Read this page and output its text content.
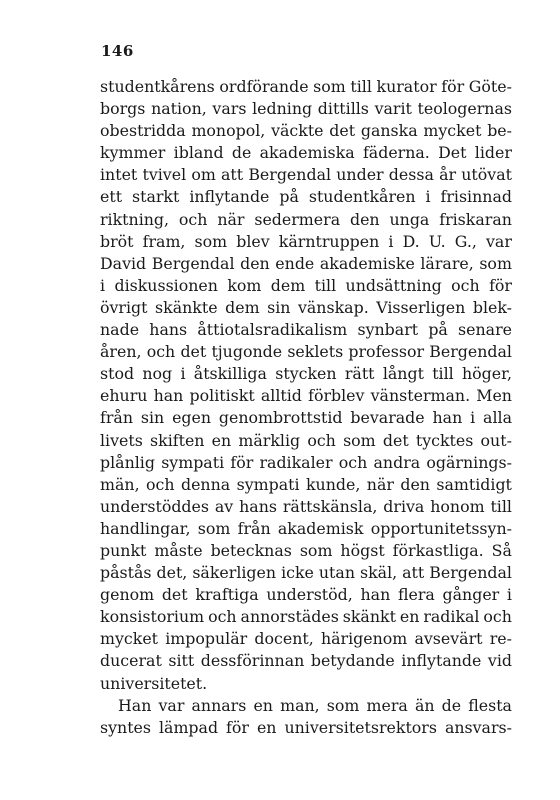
146
studentkårens ordförande som till kurator för Göte-
borgs nation, vars ledning dittills varit teologernas
obestridda monopol, väckte det ganska mycket be-
kymmer ibland de akademiska fäderna. Det lider
intet tvivel om att Bergendal under dessa år utövat
ett starkt inflytande på studentkåren i frisinnad
riktning, och när sedermera den unga friskaran
bröt fram, som blev kärntruppen i D. U. G., var
David Bergendal den ende akademiske lärare, som
i diskussionen kom dem till undsättning och för
övrigt skänkte dem sin vänskap. Visserligen blek-
nade hans åttiotalsradikalism synbart på senare
åren, och det tjugonde seklets professor Bergendal
stod nog i åtskilliga stycken rätt långt till höger,
ehuru han politiskt alltid förblev vänsterman. Men
från sin egen genombrottstid bevarade han i alla
livets skiften en märklig och som det tycktes out-
plånlig sympati för radikaler och andra ogärnings-
män, och denna sympati kunde, när den samtidigt
understöddes av hans rättskänsla, driva honom till
handlingar, som från akademisk opportunitetssyn-
punkt måste betecknas som högst förkastliga. Så
påstås det, säkerligen icke utan skäl, att Bergendal
genom det kraftiga understöd, han flera gånger i
konsistorium och annorstädes skänkt en radikal och
mycket impopulär docent, härigenom avsevärt re-
ducerat sitt dessförinnan betydande inflytande vid
universitetet.
Han var annars en man, som mera än de flesta
syntes lämpad för en universitetsrektors ansvars-
